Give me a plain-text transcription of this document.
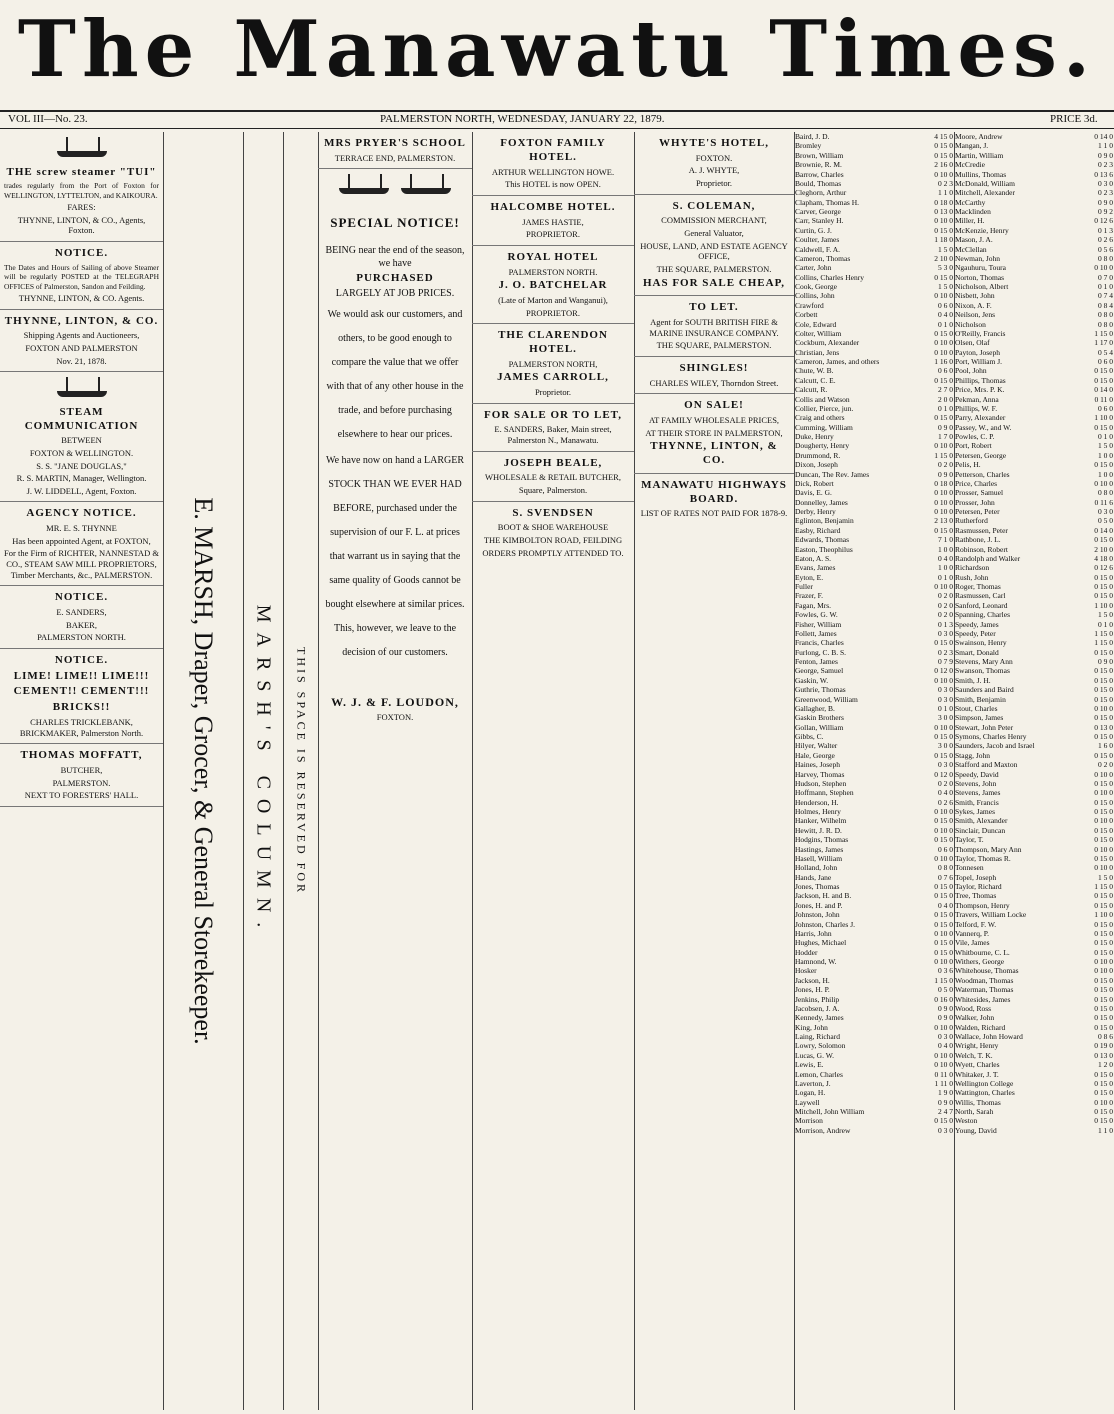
The Manawatu Times.
VOL III—No. 23.	PALMERSTON NORTH, WEDNESDAY, JANUARY 22, 1879.	PRICE 3d.

THE screw steamer "TUI"

trades regularly from the Port of Foxton for WELLINGTON, LYTTELTON, and KAIKOURA.

FARES:

THYNNE, LINTON, & CO., Agents, Foxton.

NOTICE.

The Dates and Hours of Sailing of above Steamer will be regularly POSTED at the TELEGRAPH OFFICES of Palmerston, Sandon and Feilding.

THYNNE, LINTON, & CO. Agents.

THYNNE, LINTON, & CO.

Shipping Agents and Auctioneers,

FOXTON AND PALMERSTON

Nov. 21, 1878.

STEAM COMMUNICATION

BETWEEN

FOXTON & WELLINGTON.

S. S. "JANE DOUGLAS,"

R. S. MARTIN, Manager, Wellington.

J. W. LIDDELL, Agent, Foxton.

AGENCY NOTICE.

MR. E. S. THYNNE

Has been appointed Agent, at FOXTON,

For the Firm of RICHTER, NANNESTAD & CO., STEAM SAW MILL PROPRIETORS, Timber Merchants, &c., PALMERSTON.

NOTICE.

E. SANDERS,

BAKER,

PALMERSTON NORTH.

NOTICE.

LIME! LIME!! LIME!!!

CEMENT!! CEMENT!!!

BRICKS!!

CHARLES TRICKLEBANK, BRICKMAKER, Palmerston North.

THOMAS MOFFATT,

BUTCHER,

PALMERSTON.

NEXT TO FORESTERS' HALL.	E. MARSH, Draper, Grocer, & General Storekeeper. MARSH'S COLUMN. THIS SPACE IS RESERVED FOR

MRS PRYER'S SCHOOL

TERRACE END, PALMERSTON.

SPECIAL NOTICE!

BEING near the end of the season, we have

PURCHASED

LARGELY AT JOB PRICES.

We would ask our customers, and others, to be good enough to compare the value that we offer with that of any other house in the trade, and before purchasing elsewhere to hear our prices.

We have now on hand a LARGER STOCK THAN WE EVER HAD BEFORE, purchased under the supervision of our F. L. at prices that warrant us in saying that the same quality of Goods cannot be bought elsewhere at similar prices. This, however, we leave to the decision of our customers.

W. J. & F. LOUDON,

FOXTON.

FOXTON FAMILY HOTEL.

ARTHUR WELLINGTON HOWE.

This HOTEL is now OPEN.

HALCOMBE HOTEL.

JAMES HASTIE,

PROPRIETOR.

ROYAL HOTEL

PALMERSTON NORTH.

J. O. BATCHELAR

(Late of Marton and Wanganui),

PROPRIETOR.

THE CLARENDON HOTEL.

PALMERSTON NORTH,

JAMES CARROLL,

Proprietor.

FOR SALE OR TO LET,

E. SANDERS, Baker, Main street, Palmerston N., Manawatu.

JOSEPH BEALE,

WHOLESALE & RETAIL BUTCHER,

Square, Palmerston.

S. SVENDSEN

BOOT & SHOE WAREHOUSE

THE KIMBOLTON ROAD, FEILDING

ORDERS PROMPTLY ATTENDED TO.

WHYTE'S HOTEL,

FOXTON.

A. J. WHYTE,

Proprietor.

S. COLEMAN,

COMMISSION MERCHANT,

General Valuator,

HOUSE, LAND, AND ESTATE AGENCY OFFICE,

THE SQUARE, PALMERSTON.

HAS FOR SALE CHEAP,

TO LET.

Agent for SOUTH BRITISH FIRE & MARINE INSURANCE COMPANY.

THE SQUARE, PALMERSTON.

SHINGLES!

CHARLES WILEY, Thorndon Street.

ON SALE!

AT FAMILY WHOLESALE PRICES,

AT THEIR STORE IN PALMERSTON,

THYNNE, LINTON, & CO.

MANAWATU HIGHWAYS BOARD.

LIST OF RATES NOT PAID FOR 1878-9.

Baird, J. D.	4 15 0
Bromley	0 15 0
Brown, William	0 15 0
Brownie, R. M.	2 16 0
Barrow, Charles	0 10 0
Bould, Thomas	0 2 3
Cleghorn, Arthur	1 1 0
Clapham, Thomas H.	0 18 0
Carver, George	0 13 0
Carr, Stanley H.	0 10 0
Curtin, G. J.	0 15 0
Coulter, James	1 18 0
Caldwell, F. A.	1 5 0
Cameron, Thomas	2 10 0
Carter, John	5 3 0
Collins, Charles Henry	0 15 0
Cook, George	1 5 0
Collins, John	0 10 0
Crawford	0 6 0
Corbett	0 4 0
Cole, Edward	0 1 0
Colter, William	0 15 0
Cockburn, Alexander	0 10 0
Christian, Jens	0 10 0
Cameron, James, and others	1 16 0
Chute, W. B.	0 6 0
Calcutt, C. E.	0 15 0
Calcutt, R.	2 7 0
Collis and Watson	2 0 0
Collier, Pierce, jun.	0 1 0
Craig and others	0 15 0
Cumming, William	0 9 0
Duke, Henry	1 7 0
Dougherty, Henry	0 10 0
Drummond, R.	1 15 0
Dixon, Joseph	0 2 0
Duncan, The Rev. James	0 9 0
Dick, Robert	0 18 0
Davis, E. G.	0 10 0
Donnelley, James	0 10 0
Derby, Henry	0 10 0
Eglinton, Benjamin	2 13 0
Easby, Richard	0 15 0
Edwards, Thomas	7 1 0
Easton, Theophilus	1 0 0
Eaton, A. S.	0 4 0
Evans, James	1 0 0
Eyton, E.	0 1 0
Fuller	0 10 0
Frazer, F.	0 2 0
Fagan, Mrs.	0 2 0
Fowles, G. W.	0 2 0
Fisher, William	0 1 3
Follett, James	0 3 0
Francis, Charles	0 15 0
Furlong, C. B. S.	0 2 3
Fenton, James	0 7 9
George, Samuel	0 12 0
Gaskin, W.	0 10 0
Guthrie, Thomas	0 3 0
Greenwood, William	0 3 0
Gallagher, B.	0 1 0
Gaskin Brothers	3 0 0
Gollan, William	0 10 0
Gibbs, C.	0 15 0
Hilyer, Walter	3 0 0
Hale, George	0 15 0
Haines, Joseph	0 3 0
Harvey, Thomas	0 12 0
Hudson, Stephen	0 2 0
Hoffmann, Stephen	0 4 0
Henderson, H.	0 2 6
Holmes, Henry	0 10 0
Hanker, Wilhelm	0 15 0
Hewitt, J. R. D.	0 10 0
Hodgins, Thomas	0 15 0
Hastings, James	0 6 0
Hasell, William	0 10 0
Holland, John	0 8 0
Hands, Jane	0 7 6
Jones, Thomas	0 15 0
Jackson, H. and B.	0 15 0
Jones, H. and P.	0 4 0
Johnston, John	0 15 0
Johnston, Charles J.	0 15 0
Harris, John	0 10 0
Hughes, Michael	0 15 0
Hodder	0 15 0
Hamnond, W.	0 10 0
Hosker	0 3 6
Jackson, H.	1 15 0
Jones, H. P.	0 5 0
Jenkins, Philip	0 16 0
Jacobsen, J. A.	0 9 0
Kennedy, James	0 9 0
King, John	0 10 0
Laing, Richard	0 3 0
Lowry, Solomon	0 4 0
Lucas, G. W.	0 10 0
Lewis, E.	0 10 0
Lemon, Charles	0 11 0
Laverton, J.	1 11 0
Logan, H.	1 9 0
Laywell	0 9 0
Mitchell, John William	2 4 7
Morrison	0 15 0
Morrison, Andrew	0 3 0
Moore, Andrew	0 14 0
Mangan, J.	1 1 0
Martin, William	0 9 0
McCredie	0 2 3
Mullins, Thomas	0 13 6
McDonald, William	0 3 0
Mitchell, Alexander	0 2 3
McCarthy	0 9 0
Macklinden	0 9 2
Miller, H.	0 12 6
McKenzie, Henry	0 1 3
Mason, J. A.	0 2 6
McClellan	0 5 6
Newman, John	0 8 0
Ngauhuru, Toura	0 10 0
Norton, Thomas	0 7 0
Nicholson, Albert	0 1 0
Nisbett, John	0 7 4
Nixon, A. F.	0 8 4
Neilson, Jens	0 8 0
Nicholson	0 8 0
O'Reilly, Francis	1 15 0
Olsen, Olaf	1 17 0
Payton, Joseph	0 5 4
Port, William J.	0 6 0
Pool, John	0 15 0
Phillips, Thomas	0 15 0
Price, Mrs. P. K.	0 14 0
Pekman, Anna	0 11 0
Phillips, W. F.	0 6 0
Parry, Alexander	1 10 0
Passey, W., and W.	0 15 0
Powles, C. P.	0 1 0
Port, Robert	1 5 0
Petersen, George	1 0 0
Pelis, H.	0 15 0
Petterson, Charles	1 0 0
Price, Charles	0 10 0
Prosser, Samuel	0 8 0
Prosser, John	0 11 6
Petersen, Peter	0 3 0
Rutherford	0 5 0
Rasmussen, Peter	0 14 0
Rathbone, J. L.	0 15 0
Robinson, Robert	2 10 0
Randolph and Walker	4 18 0
Richardson	0 12 6
Rush, John	0 15 0
Roger, Thomas	0 15 0
Rasmussen, Carl	0 15 0
Sanford, Leonard	1 10 0
Spanning, Charles	1 5 0
Speedy, James	0 1 0
Speedy, Peter	1 15 0
Swainson, Henry	1 15 0
Smart, Donald	0 15 0
Stevens, Mary Ann	0 9 0
Swanson, Thomas	0 15 0
Smith, J. H.	0 15 0
Saunders and Baird	0 15 0
Smith, Benjamin	0 15 0
Stout, Charles	0 10 0
Simpson, James	0 15 0
Stewart, John Peter	0 13 0
Symons, Charles Henry	0 15 0
Saunders, Jacob and Israel	1 6 0
Stagg, John	0 15 0
Stafford and Maxton	0 2 0
Speedy, David	0 10 0
Stevens, John	0 15 0
Stevens, James	0 10 0
Smith, Francis	0 15 0
Sykes, James	0 15 0
Smith, Alexander	0 10 0
Sinclair, Duncan	0 15 0
Taylor, T.	0 15 0
Thompson, Mary Ann	0 10 0
Taylor, Thomas R.	0 15 0
Tonnesen	0 10 0
Topel, Joseph	1 5 0
Taylor, Richard	1 15 0
Tree, Thomas	0 15 0
Thompson, Henry	0 15 0
Travers, William Locke	1 10 0
Telford, F. W.	0 15 0
Vannerq, P.	0 15 0
Vile, James	0 15 0
Whitbourne, C. L.	0 15 0
Withers, George	0 10 0
Whitehouse, Thomas	0 10 0
Woodman, Thomas	0 15 0
Waterman, Thomas	0 15 0
Whitesides, James	0 15 0
Wood, Ross	0 15 0
Walker, John	0 15 0
Walden, Richard	0 15 0
Wallace, John Howard	0 8 6
Wright, Henry	0 19 0
Welch, T. K.	0 13 0
Wyett, Charles	1 2 0
Whitaker, J. T.	0 15 0
Wellington College	0 15 0
Wattington, Charles	0 15 0
Willis, Thomas	0 10 0
North, Sarah	0 15 0
Weston	0 15 0
Young, David	1 1 0
